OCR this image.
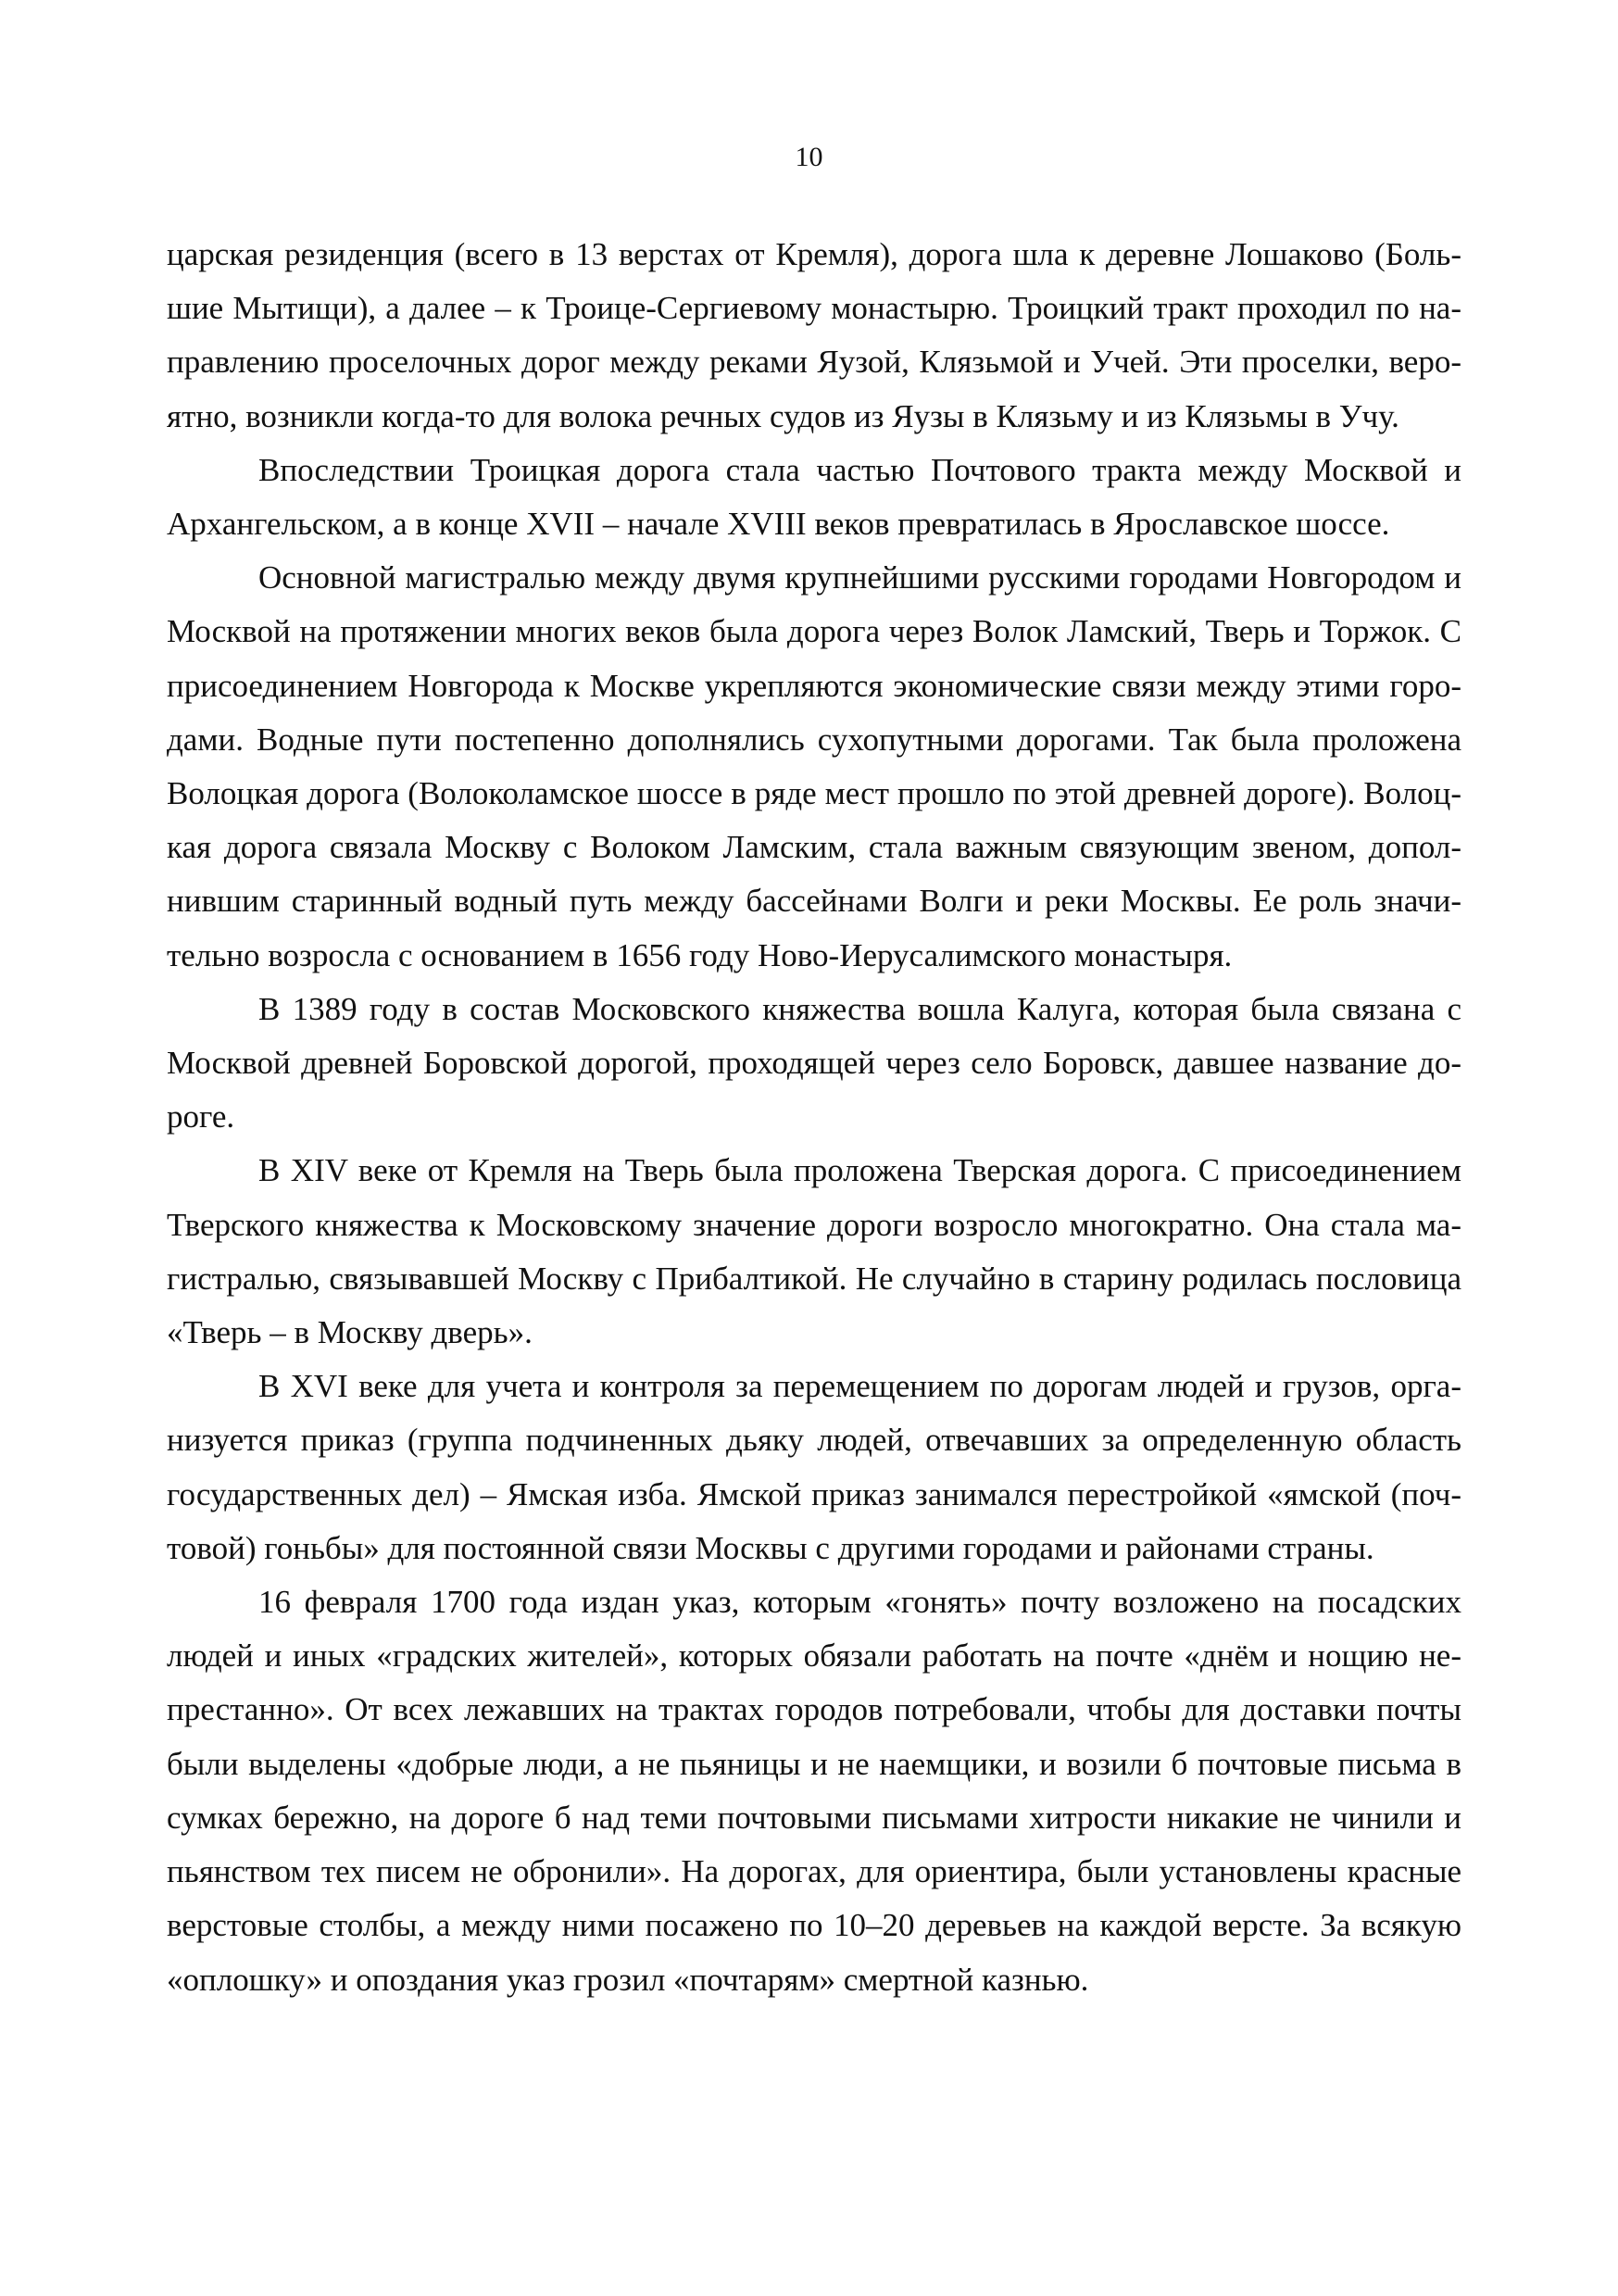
10

царская резиденция (всего в 13 верстах от Кремля), дорога шла к деревне Лошаково (Большие Мытищи), а далее – к Троице-Сергиевому монастырю. Троицкий тракт проходил по направлению проселочных дорог между реками Яузой, Клязьмой и Учей. Эти проселки, вероятно, возникли когда-то для волока речных судов из Яузы в Клязьму и из Клязьмы в Учу.

Впоследствии Троицкая дорога стала частью Почтового тракта между Москвой и Архангельском, а в конце XVII – начале XVIII веков превратилась в Ярославское шоссе.

Основной магистралью между двумя крупнейшими русскими городами Новгородом и Москвой на протяжении многих веков была дорога через Волок Ламский, Тверь и Торжок. С присоединением Новгорода к Москве укрепляются экономические связи между этими городами. Водные пути постепенно дополнялись сухопутными дорогами. Так была проложена Волоцкая дорога (Волоколамское шоссе в ряде мест прошло по этой древней дороге). Волоцкая дорога связала Москву с Волоком Ламским, стала важным связующим звеном, дополнившим старинный водный путь между бассейнами Волги и реки Москвы. Ее роль значительно возросла с основанием в 1656 году Ново-Иерусалимского монастыря.

В 1389 году в состав Московского княжества вошла Калуга, которая была связана с Москвой древней Боровской дорогой, проходящей через село Боровск, давшее название дороге.

В XIV веке от Кремля на Тверь была проложена Тверская дорога. С присоединением Тверского княжества к Московскому значение дороги возросло многократно. Она стала магистралью, связывавшей Москву с Прибалтикой. Не случайно в старину родилась пословица «Тверь – в Москву дверь».

В XVI веке для учета и контроля за перемещением по дорогам людей и грузов, организуется приказ (группа подчиненных дьяку людей, отвечавших за определенную область государственных дел) – Ямская изба. Ямской приказ занимался перестройкой «ямской (почтовой) гоньбы» для постоянной связи Москвы с другими городами и районами страны.

16 февраля 1700 года издан указ, которым «гонять» почту возложено на посадских людей и иных «градских жителей», которых обязали работать на почте «днём и нощию непрестанно». От всех лежавших на трактах городов потребовали, чтобы для доставки почты были выделены «добрые люди, а не пьяницы и не наемщики, и возили б почтовые письма в сумках бережно, на дороге б над теми почтовыми письмами хитрости никакие не чинили и пьянством тех писем не обронили». На дорогах, для ориентира, были установлены красные верстовые столбы, а между ними посажено по 10–20 деревьев на каждой версте. За всякую «оплошку» и опоздания указ грозил «почтарям» смертной казнью.
